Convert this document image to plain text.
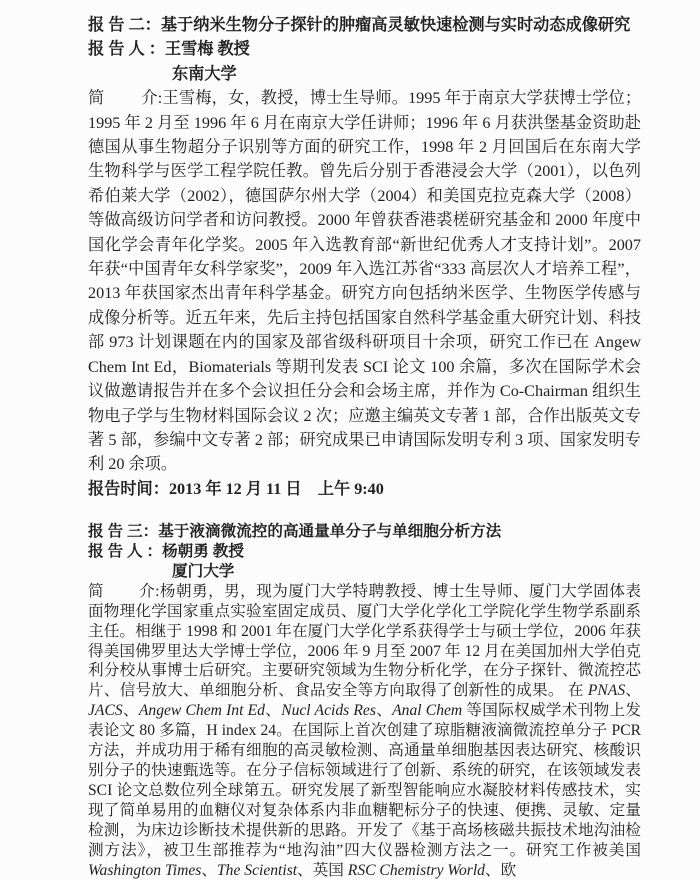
报 告 二：基于纳米生物分子探针的肿瘤高灵敏快速检测与实时动态成像研究

报 告 人 ：王雪梅 教授

东南大学

简 介:王雪梅，女，教授，博士生导师。1995 年于南京大学获博士学位；1995 年 2 月至 1996 年 6 月在南京大学任讲师；1996 年 6 月获洪堡基金资助赴德国从事生物超分子识别等方面的研究工作，1998 年 2 月回国后在东南大学生物科学与医学工程学院任教。曾先后分别于香港浸会大学（2001），以色列希伯莱大学（2002），德国萨尔州大学（2004）和美国克拉克森大学（2008）等做高级访问学者和访问教授。2000 年曾获香港裘槎研究基金和 2000 年度中国化学会青年化学奖。2005 年入选教育部“新世纪优秀人才支持计划”。2007 年获“中国青年女科学家奖”，2009 年入选江苏省“333 高层次人才培养工程”，2013 年获国家杰出青年科学基金。研究方向包括纳米医学、生物医学传感与成像分析等。近五年来，先后主持包括国家自然科学基金重大研究计划、科技部 973 计划课题在内的国家及部省级科研项目十余项，研究工作已在 Angew Chem Int Ed，Biomaterials 等期刊发表 SCI 论文 100 余篇，多次在国际学术会议做邀请报告并在多个会议担任分会和会场主席，并作为 Co-Chairman 组织生物电子学与生物材料国际会议 2 次；应邀主编英文专著 1 部，合作出版英文专著 5 部，参编中文专著 2 部；研究成果已申请国际发明专利 3 项、国家发明专利 20 余项。

报告时间：2013 年 12 月 11 日　上午 9:40

报 告 三：基于液滴微流控的高通量单分子与单细胞分析方法

报 告 人 ：杨朝勇 教授

厦门大学

简 介:杨朝勇，男，现为厦门大学特聘教授、博士生导师、厦门大学固体表面物理化学国家重点实验室固定成员、厦门大学化学化工学院化学生物学系副系主任。相继于 1998 和 2001 年在厦门大学化学系获得学士与硕士学位，2006 年获得美国佛罗里达大学博士学位，2006 年 9 月至 2007 年 12 月在美国加州大学伯克利分校从事博士后研究。主要研究领域为生物分析化学，在分子探针、微流控芯片、信号放大、单细胞分析、食品安全等方向取得了创新性的成果。 在 PNAS、JACS、Angew Chem Int Ed、Nucl Acids Res、Anal Chem 等国际权威学术刊物上发表论文 80 多篇，H index 24。在国际上首次创建了琼脂糖液滴微流控单分子 PCR 方法，并成功用于稀有细胞的高灵敏检测、高通量单细胞基因表达研究、核酸识别分子的快速甄选等。在分子信标领域进行了创新、系统的研究，在该领域发表 SCI 论文总数位列全球第五。研究发展了新型智能响应水凝胶材料传感技术，实现了简单易用的血糖仪对复杂体系内非血糖靶标分子的快速、便携、灵敏、定量检测，为床边诊断技术提供新的思路。开发了《基于高场核磁共振技术地沟油检测方法》，被卫生部推荐为“地沟油”四大仪器检测方法之一。研究工作被美国 Washington Times、The Scientist、英国 RSC Chemistry World、欧
